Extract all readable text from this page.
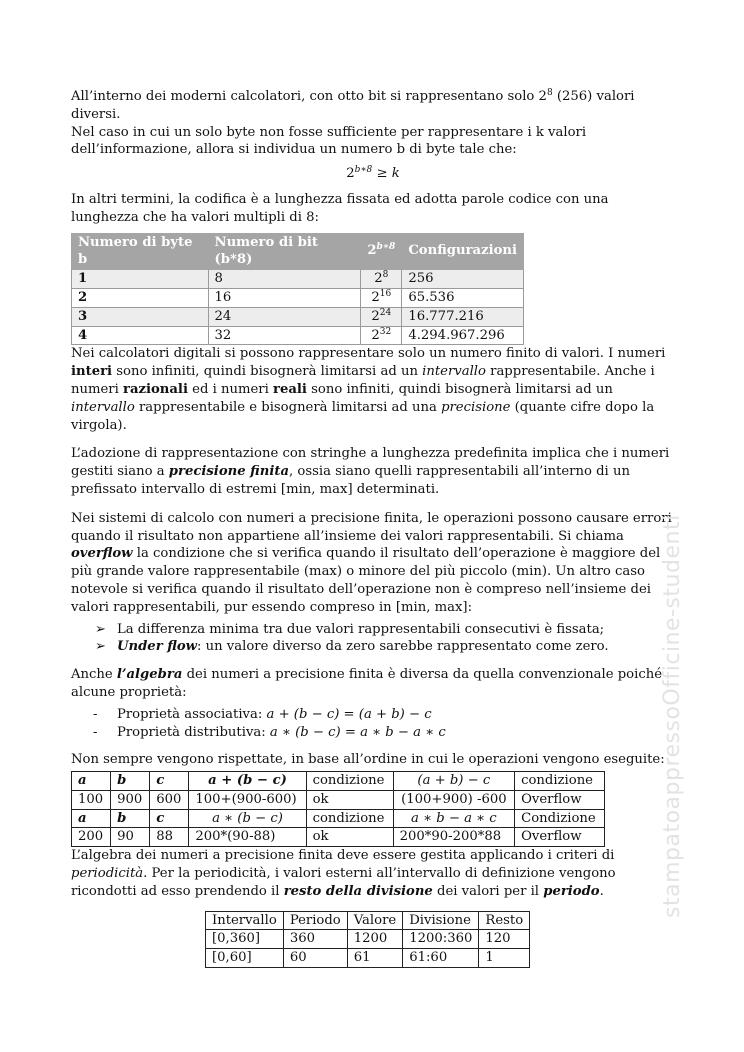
All’interno dei moderni calcolatori, con otto bit si rappresentano solo $2^8$ (256) valori diversi.
Nel caso in cui un solo byte non fosse sufficiente per rappresentare i k valori dell’informazione, allora si individua un numero b di byte tale che:

$2^{b∗8} \ge k$

In altri termini, la codifica è a lunghezza fissata ed adotta parole codice con una lunghezza che ha valori multipli di 8:

Numero di byte b	Numero di bit (b*8)	$2^{b∗8}$	Configurazioni
1	8	$2^8$	256
2	16	$2^{16}$	65.536
3	24	$2^{24}$	16.777.216
4	32	$2^{32}$	4.294.967.296

Nei calcolatori digitali si possono rappresentare solo un numero finito di valori. I numeri interi sono infiniti, quindi bisognerà limitarsi ad un intervallo rappresentabile. Anche i numeri razionali ed i numeri reali sono infiniti, quindi bisognerà limitarsi ad un intervallo rappresentabile e bisognerà limitarsi ad una precisione (quante cifre dopo la virgola).

L’adozione di rappresentazione con stringhe a lunghezza predefinita implica che i numeri gestiti siano a precisione finita, ossia siano quelli rappresentabili all’interno di un prefissato intervallo di estremi [min, max] determinati.

Nei sistemi di calcolo con numeri a precisione finita, le operazioni possono causare errori quando il risultato non appartiene all’insieme dei valori rappresentabili. Si chiama overflow la condizione che si verifica quando il risultato dell’operazione è maggiore del più grande valore rappresentabile (max) o minore del più piccolo (min). Un altro caso notevole si verifica quando il risultato dell’operazione non è compreso nell’insieme dei valori rappresentabili, pur essendo compreso in [min, max]:

➢ La differenza minima tra due valori rappresentabili consecutivi è fissata;
➢ Under flow: un valore diverso da zero sarebbe rappresentato come zero.

Anche l’algebra dei numeri a precisione finita è diversa da quella convenzionale poiché alcune proprietà:

- Proprietà associativa: a + (b − c) = (a + b) − c
- Proprietà distributiva: a ∗ (b − c) = a ∗ b − a ∗ c

Non sempre vengono rispettate, in base all’ordine in cui le operazioni vengono eseguite:

a	b	c	a + (b − c)	condizione	(a + b) − c	condizione
100	900	600	100+(900-600)	ok	(100+900) -600	Overflow
a	b	c	a ∗ (b − c)	condizione	a ∗ b − a ∗ c	Condizione
200	90	88	200*(90-88)	ok	200*90-200*88	Overflow

L’algebra dei numeri a precisione finita deve essere gestita applicando i criteri di periodicità. Per la periodicità, i valori esterni all’intervallo di definizione vengono ricondotti ad esso prendendo il resto della divisione dei valori per il periodo.

Intervallo	Periodo	Valore	Divisione	Resto
[0,360]	360	1200	1200:360	120
[0,60]	60	61	61:60	1
stampatoappressoOfficine-studenti
